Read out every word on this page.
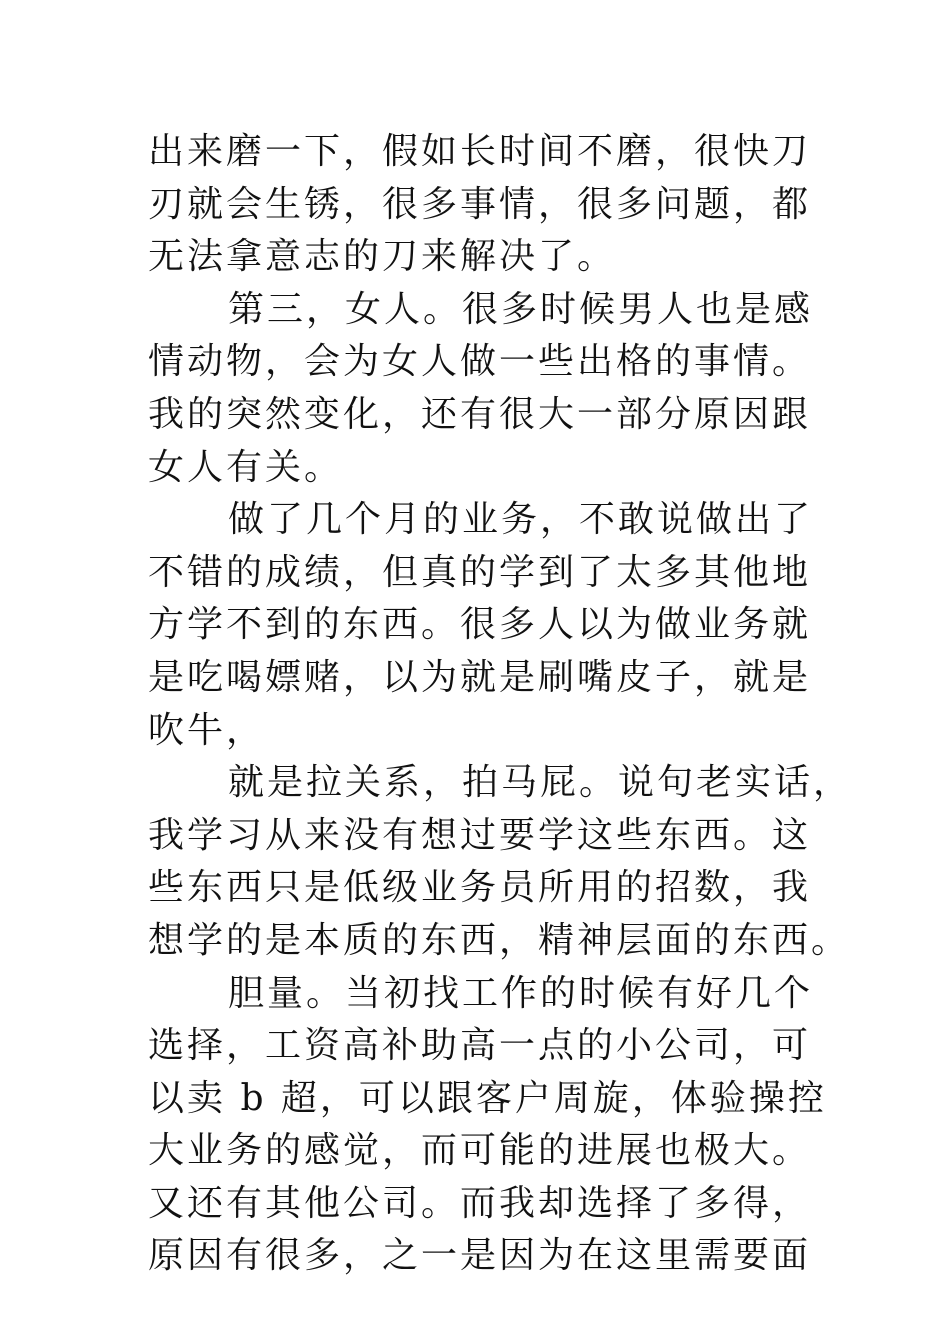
出来磨一下，假如长时间不磨，很快刀
刃就会生锈，很多事情，很多问题，都
无法拿意志的刀来解决了。
第三，女人。很多时候男人也是感
情动物，会为女人做一些出格的事情。
我的突然变化，还有很大一部分原因跟
女人有关。
做了几个月的业务，不敢说做出了
不错的成绩，但真的学到了太多其他地
方学不到的东西。很多人以为做业务就
是吃喝嫖赌，以为就是刷嘴皮子，就是
吹牛，
就是拉关系，拍马屁。说句老实话，
我学习从来没有想过要学这些东西。这
些东西只是低级业务员所用的招数，我
想学的是本质的东西，精神层面的东西。
胆量。当初找工作的时候有好几个
选择，工资高补助高一点的小公司，可
以卖 b 超，可以跟客户周旋，体验操控
大业务的感觉，而可能的进展也极大。
又还有其他公司。而我却选择了多得，
原因有很多，之一是因为在这里需要面
